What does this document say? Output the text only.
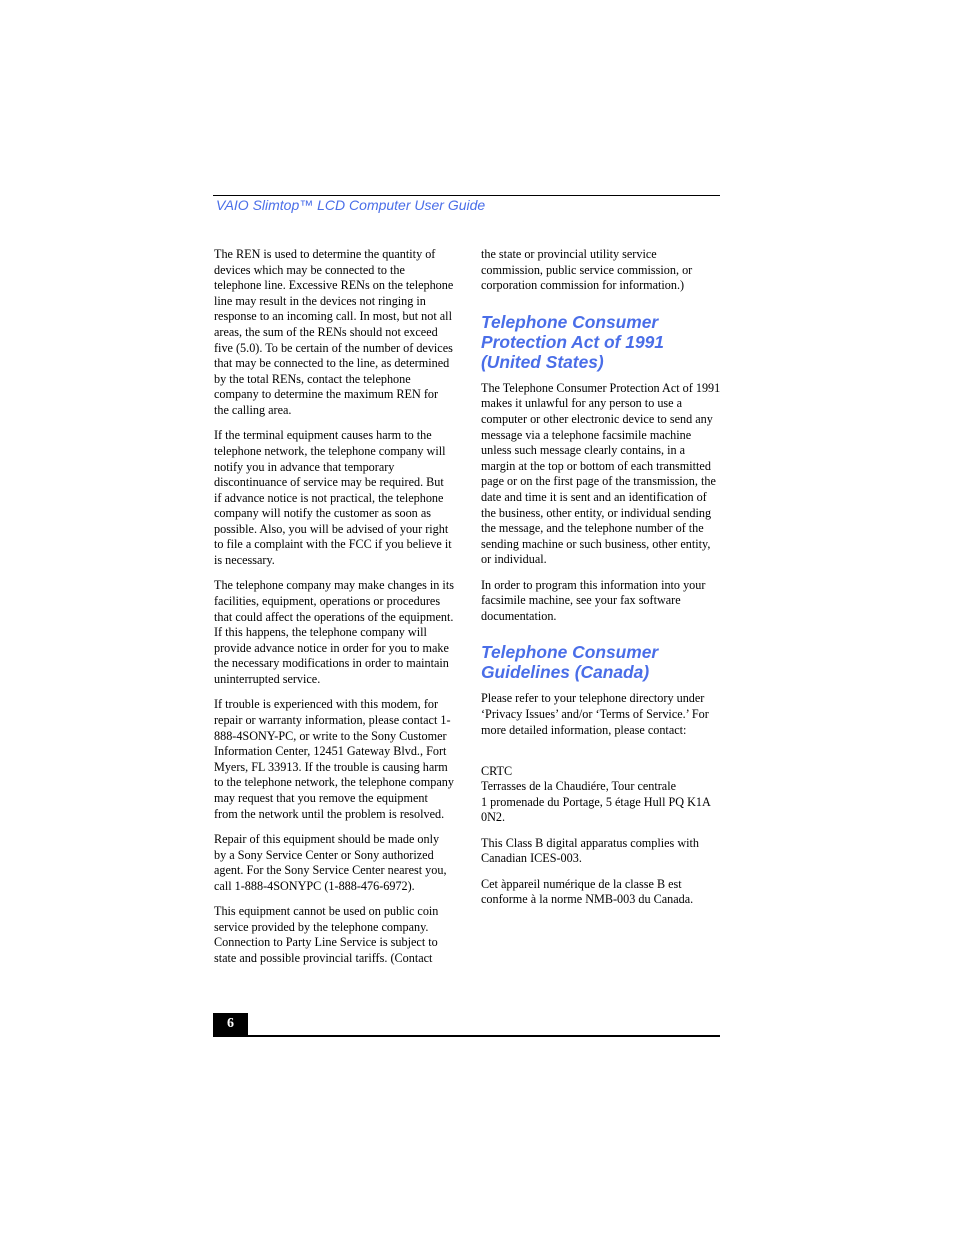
VAIO Slimtop™ LCD Computer User Guide

The REN is used to determine the quantity of devices which may be connected to the telephone line. Excessive RENs on the telephone line may result in the devices not ringing in response to an incoming call. In most, but not all areas, the sum of the RENs should not exceed five (5.0). To be certain of the number of devices that may be connected to the line, as determined by the total RENs, contact the telephone company to determine the maximum REN for the calling area.

If the terminal equipment causes harm to the telephone network, the telephone company will notify you in advance that temporary discontinuance of service may be required. But if advance notice is not practical, the telephone company will notify the customer as soon as possible. Also, you will be advised of your right to file a complaint with the FCC if you believe it is necessary.

The telephone company may make changes in its facilities, equipment, operations or procedures that could affect the operations of the equipment. If this happens, the telephone company will provide advance notice in order for you to make the necessary modifications in order to maintain uninterrupted service.

If trouble is experienced with this modem, for repair or warranty information, please contact 1-888-4SONY-PC, or write to the Sony Customer Information Center, 12451 Gateway Blvd., Fort Myers, FL 33913. If the trouble is causing harm to the telephone network, the telephone company may request that you remove the equipment from the network until the problem is resolved.

Repair of this equipment should be made only by a Sony Service Center or Sony authorized agent. For the Sony Service Center nearest you, call 1-888-4SONYPC (1-888-476-6972).

This equipment cannot be used on public coin service provided by the telephone company. Connection to Party Line Service is subject to state and possible provincial tariffs. (Contact

the state or provincial utility service commission, public service commission, or corporation commission for information.)

Telephone Consumer
Protection Act of 1991
(United States)

The Telephone Consumer Protection Act of 1991 makes it unlawful for any person to use a computer or other electronic device to send any message via a telephone facsimile machine unless such message clearly contains, in a margin at the top or bottom of each transmitted page or on the first page of the transmission, the date and time it is sent and an identification of the business, other entity, or individual sending the message, and the telephone number of the sending machine or such business, other entity, or individual.

In order to program this information into your facsimile machine, see your fax software documentation.

Telephone Consumer
Guidelines (Canada)

Please refer to your telephone directory under ‘Privacy Issues’ and/or ‘Terms of Service.’ For more detailed information, please contact:

CRTC

Terrasses de la Chaudiére, Tour centrale

1 promenade du Portage, 5 étage Hull PQ K1A 0N2.

This Class B digital apparatus complies with Canadian ICES-003.

Cet àppareil numérique de la classe B est conforme à la norme NMB-003 du Canada.

6
